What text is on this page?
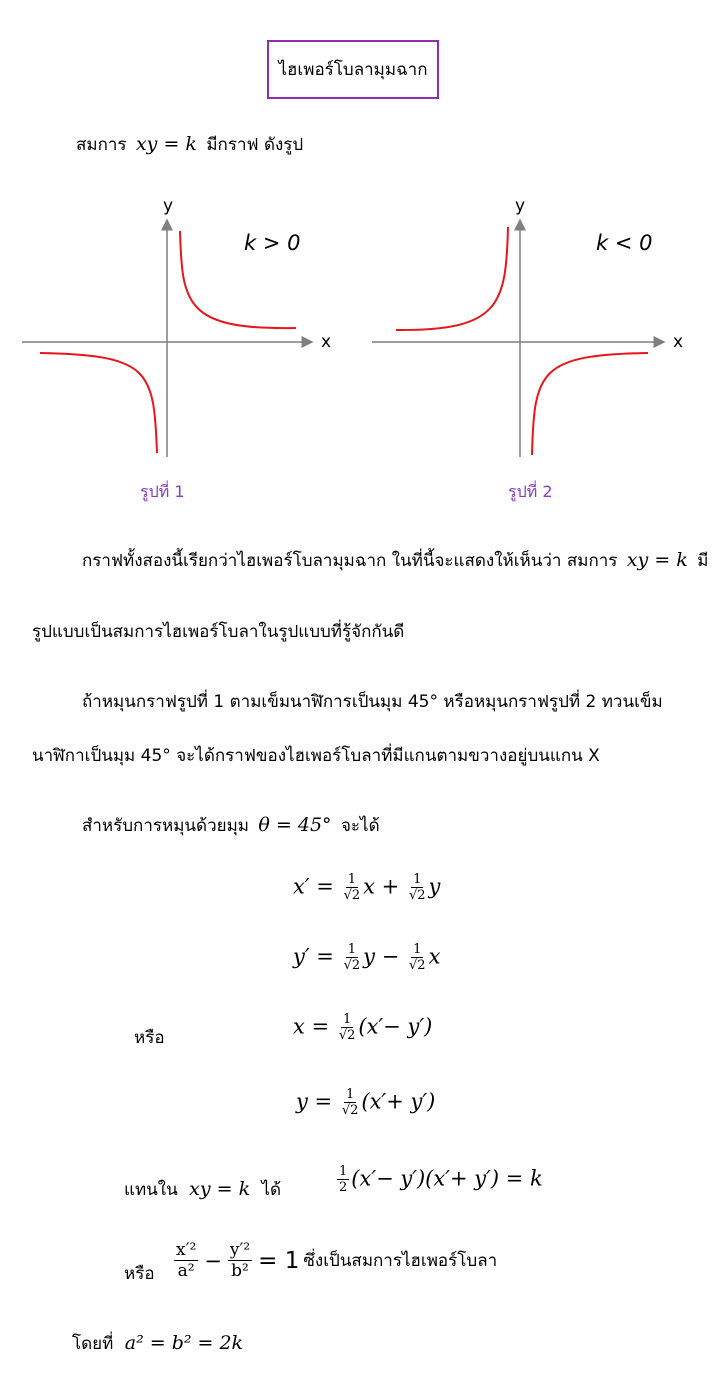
ไฮเพอร์โบลามุมฉาก
สมการ xy = k มีกราฟ ดังรูป
y
x
k > 0
รูปที่ 1
y
x
k < 0
รูปที่ 2
กราฟทั้งสองนี้เรียกว่าไฮเพอร์โบลามุมฉาก ในที่นี้จะแสดงให้เห็นว่า สมการ xy = k มี
รูปแบบเป็นสมการไฮเพอร์โบลาในรูปแบบที่รู้จักกันดี
ถ้าหมุนกราฟรูปที่ 1 ตามเข็มนาฬิการเป็นมุม 45° หรือหมุนกราฟรูปที่ 2 ทวนเข็ม
นาฬิกาเป็นมุม 45° จะได้กราฟของไฮเพอร์โบลาที่มีแกนตามขวางอยู่บนแกน X
สำหรับการหมุนด้วยมุม θ = 45° จะได้
$x' = \frac{1}{√2}$ $x + \frac{1}{√2}$ y
$y' = \frac{1}{√2}$ $y - \frac{1}{√2}$ x
หรือ	$x = \frac{1}{√2} (x'- y')$
$y = \frac{1}{√2} (x'+ y')$
แทนใน xy = k ได้	$\frac{1}{2} (x'- y')(x'+ y') = k$
หรือ $\frac{\text{x′²}}{\text{a²}} - \frac{\text{y′²}}{\text{b²}} = 1$ ซึ่งเป็นสมการไฮเพอร์โบลา
โดยที่ a² = b² = 2k
